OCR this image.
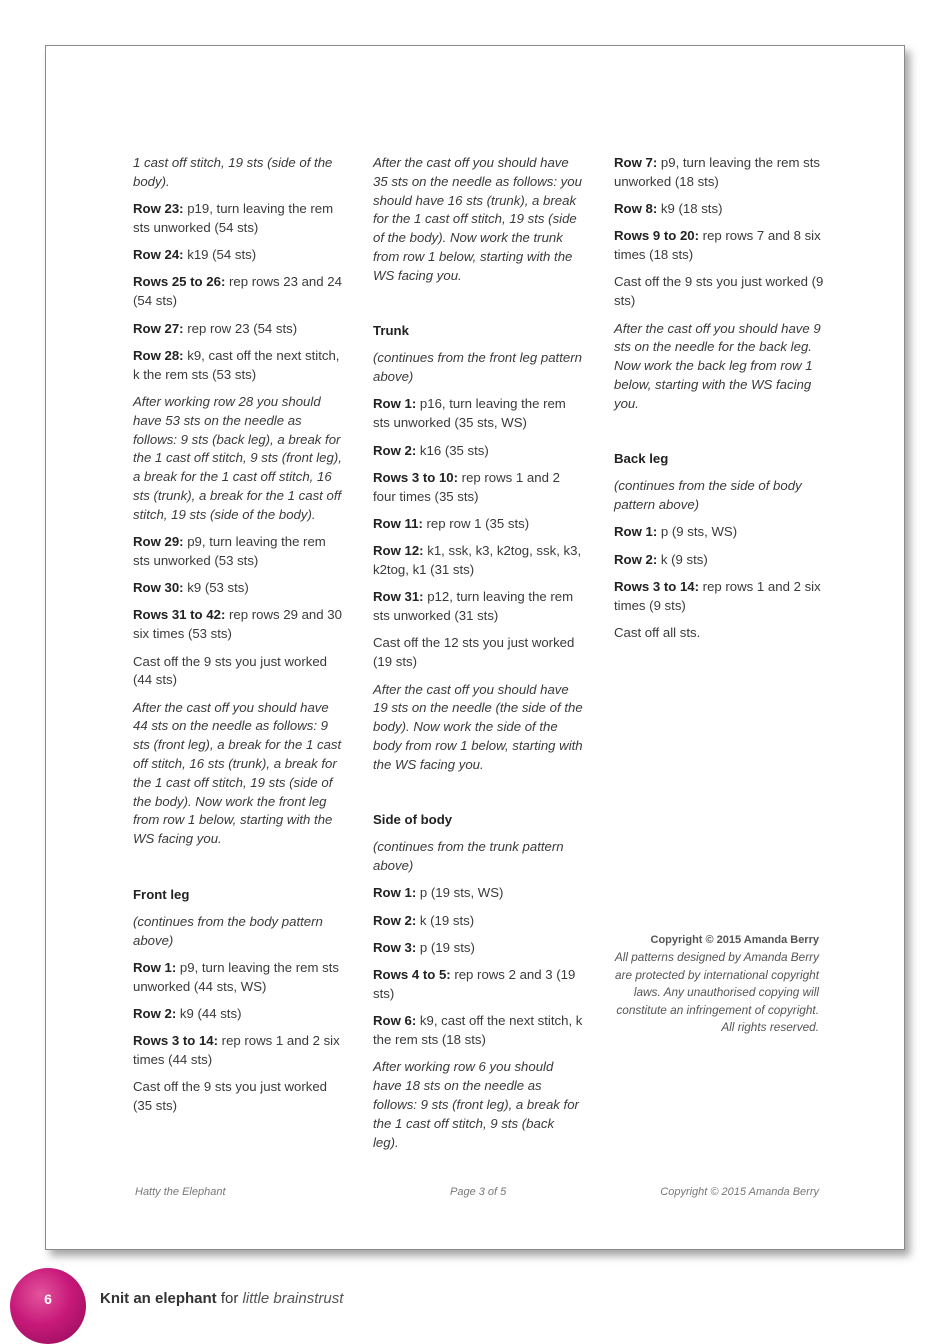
1 cast off stitch, 19 sts (side of the body).

Row 23: p19, turn leaving the rem sts unworked (54 sts)

Row 24: k19 (54 sts)

Rows 25 to 26: rep rows 23 and 24 (54 sts)

Row 27: rep row 23 (54 sts)

Row 28: k9, cast off the next stitch, k the rem sts (53 sts)

After working row 28 you should have 53 sts on the needle as follows: 9 sts (back leg), a break for the 1 cast off stitch, 9 sts (front leg), a break for the 1 cast off stitch, 16 sts (trunk), a break for the 1 cast off stitch, 19 sts (side of the body).

Row 29: p9, turn leaving the rem sts unworked (53 sts)

Row 30: k9 (53 sts)

Rows 31 to 42: rep rows 29 and 30 six times (53 sts)

Cast off the 9 sts you just worked (44 sts)

After the cast off you should have 44 sts on the needle as follows: 9 sts (front leg), a break for the 1 cast off stitch, 16 sts (trunk), a break for the 1 cast off stitch, 19 sts (side of the body). Now work the front leg from row 1 below, starting with the WS facing you.

Front leg

(continues from the body pattern above)

Row 1: p9, turn leaving the rem sts unworked (44 sts, WS)

Row 2: k9 (44 sts)

Rows 3 to 14: rep rows 1 and 2 six times (44 sts)

Cast off the 9 sts you just worked (35 sts)

After the cast off you should have 35 sts on the needle as follows: you should have 16 sts (trunk), a break for the 1 cast off stitch, 19 sts (side of the body). Now work the trunk from row 1 below, starting with the WS facing you.

Trunk

(continues from the front leg pattern above)

Row 1: p16, turn leaving the rem sts unworked (35 sts, WS)

Row 2: k16 (35 sts)

Rows 3 to 10: rep rows 1 and 2 four times (35 sts)

Row 11: rep row 1 (35 sts)

Row 12: k1, ssk, k3, k2tog, ssk, k3, k2tog, k1 (31 sts)

Row 31: p12, turn leaving the rem sts unworked (31 sts)

Cast off the 12 sts you just worked (19 sts)

After the cast off you should have 19 sts on the needle (the side of the body). Now work the side of the body from row 1 below, starting with the WS facing you.

Side of body

(continues from the trunk pattern above)

Row 1: p (19 sts, WS)

Row 2: k (19 sts)

Row 3: p (19 sts)

Rows 4 to 5: rep rows 2 and 3 (19 sts)

Row 6: k9, cast off the next stitch, k the rem sts (18 sts)

After working row 6 you should have 18 sts on the needle as follows: 9 sts (front leg), a break for the 1 cast off stitch, 9 sts (back leg).

Row 7: p9, turn leaving the rem sts unworked (18 sts)

Row 8: k9 (18 sts)

Rows 9 to 20: rep rows 7 and 8 six times (18 sts)

Cast off the 9 sts you just worked (9 sts)

After the cast off you should have 9 sts on the needle for the back leg. Now work the back leg from row 1 below, starting with the WS facing you.

Back leg

(continues from the side of body pattern above)

Row 1: p (9 sts, WS)

Row 2: k (9 sts)

Rows 3 to 14: rep rows 1 and 2 six times (9 sts)

Cast off all sts.

Copyright © 2015 Amanda Berry
All patterns designed by Amanda Berry are protected by international copyright laws. Any unauthorised copying will constitute an infringement of copyright. All rights reserved.
Hatty the Elephant	Page 3 of 5	Copyright © 2015 Amanda Berry
6	Knit an elephant for little brainstrust
